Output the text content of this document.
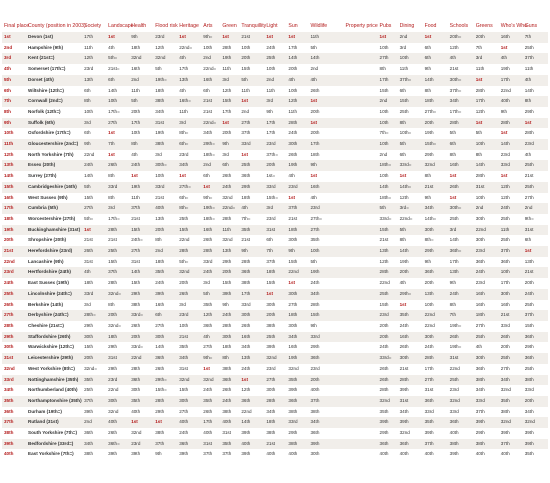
Final place	County (position in 2003)	Society	Landscape	Health	Flood risk	Heritage	Arts	Green	Tranquillity	Light	Sun	Wildlife	Property price	Pubs	Dining	Food	Schools	Greens	Who's Who	Guns
1st	Devon (1st)	17th	1st	9th	23rd	1st	9th=	1st	21st	1st	1st	11th		1st	2nd	1st	20th=	20th	16th	7th
2nd	Hampshire (9th)	11th	4th	18th	12th	22nd=	10th	28th	10th	24th	17th	5th		10th	3rd	6th	12th	7th	1st	25th
3rd	Kent (21st=)	12th	5th=	32nd	32nd	4th	2nd	19th	20th	25th	14th	14th		27th	10th	6th	4th	3rd	4th	37th
4th	Somerset (17th=)	23rd	21st=	16th	5th	17th	22nd=	11th	15th	10th	20th	2nd		8th	11th	9th	21st	11th	19th	11th
5th	Dorset (4th)	13th	6th	2nd	19th=	13th	16th	3rd	5th	2nd	4th	4th		17th	37th=	14th	30th=	1st	17th	4th
6th	Wiltshire (12th=)	6th	14th	11th	18th	4th	6th	12th	11th	11th	10th	26th		15th	6th	8th	37th=	28th	22nd	14th
7th	Cornwall (2nd=)	8th	10th	5th	38th	16th=	21st	15th	1st	3rd	12th	1st		2nd	15th	18th	34th	17th	40th	8th
8th	Norfolk (12th=)	10th	17th=	20th	34th	11th	21st	17th	2nd	9th	11th	20th		10th	25th	27th=	17th=	12th	9th	29th
9th	Suffolk (6th)	3rd	27th	17th	31st	3rd	22nd=	1st	27th	17th	28th	1st		10th	8th	20th	28th	1st	28th	1st
10th	Oxfordshire (17th=)	6th	1st	10th	19th	8th=	34th	20th	37th	17th	24th	20th		7th=	10th=	19th	5th	5th	1st	28th
11th	Gloucestershire (2nd=)	9th	7th	8th	38th	6th=	29th=	9th	33rd	23rd	30th	17th		10th	5th	15th=	6th	10th	14th	23rd
12th	North Yorkshire (7th)	22nd	1st	4th	3rd	23rd	18th=	3rd	1st	37th=	26th	18th		2nd	6th	29th	8th	8th	23rd	4th
13th	Essex (20th)	24th	26th	24th	30th=	34th	2nd	6th	25th	20th	19th	9th		18th=	33rd=	32nd	16th	14th	33rd	25th
14th	Surrey (27th)	14th	8th	1st	10th	1st	6th	26th	36th	1st=	4th	1st		10th	1st	8th	1st	28th	1st	21st
15th	Cambridgeshire (16th)	5th	33rd	19th	33rd	27th=	1st	24th	29th	33rd	23rd	16th		14th	14th=	21st	26th	31st	12th	25th
16th	West Sussex (9th)	15th	8th	11th	21st	6th=	9th=	32nd	18th	15th=	1st	4th		18th=	12th	9th	1st	10th	12th	27th
17th	Cumbria (5th)	27th	3rd	37th	40th	8th=	19th=	22nd=	4th	3rd	37th	23rd		5th	3rd=	34th	30th=	2nd	24th	2nd
18th	Worcestershire (27th)	5th=	17th=	21st	13th	25th	18th=	28th	7th=	23rd	21st	27th=		33rd=	22nd=	14th=	25th	30th	25th	9th=
19th	Buckinghamshire (31st)	1st	28th	15th	20th	15th	16th	11th	35th	31st	18th	27th		15th	5th	30th	3rd	22nd	11th	31st
20th	Shropshire (20th)	21st	21st	24th=	8th	22nd	26th	32nd	21st	6th	30th	35th		21st	8th	8th=	14th	30th	25th	6th
21st	Herefordshire (23rd)	26th	25th	27th	2nd	28th	28th	13th	9th	7th	9th	10th		13th	14th	29th	36th=	23rd	37th	1st
22nd	Lancashire (9th)	31st	15th	31st	18th	5th=	33rd	29th	28th	37th	15th	5th		12th	19th	9th	17th	36th	36th	13th
23rd	Hertfordshire (24th)	4th	37th	14th	35th	32nd	24th	20th	36th	18th	22nd	19th		28th	20th	36th	13th	24th	10th	21st
24th	East Sussex (19th)	18th	28th	15th	24th	20th	3rd	15th	38th	15th	1st	24th		22nd	4th	20th	9th	23rd	17th	20th
25th	Lincolnshire (24th=)	33rd	32nd=	29th	39th	26th	5th	39th	17th	1st	30th	34th		25th	29th=	13th	24th	16th	30th	24th
26th	Berkshire (14th)	3rd	8th	38th	16th	3rd	35th	9th	33rd	30th	27th	28th		15th	1st	10th	8th	16th	16th	25th
27th	Derbyshire (24th=)	28th=	20th	33rd=	6th	23rd	12th	24th	30th	20th	18th	15th		23rd	35th	22nd	7th	18th	21st	37th
28th	Cheshire (21st=)	29th	32nd=	26th	27th	10th	36th	28th	26th	38th	30th	9th		20th	24th	22nd	19th=	27th	33rd	15th
29th	Staffordshire (26th)	30th	18th	20th	30th	21st	4th	30th	16th	25th	34th	33rd		20th	16th	30th	26th	25th	26th	36th
30th	Warwickshire (12th=)	15th	29th	33rd=	14th	35th	27th	18th	34th	39th	16th	29th		24th	26th	24th	19th=	4th	20th	29th
31st	Leicestershire (29th)	20th	31st	22nd	36th	34th	9th=	8th	13th	32nd	19th	36th		33rd=	30th	28th	31st	30th	25th	36th
32nd	West Yorkshire (8th=)	32nd=	29th	28th	26th	31st	1st	38th	24th	23rd	32nd	23rd		26th	21st	17th	22nd	36th	27th	25th
33rd	Nottinghamshire (35th)	35th	23rd	36th	29th=	32nd	32nd	36th	1st	27th	35th	20th		26th	28th	27th	25th	38th	34th	38th
34th	Northumberland (40th)	25th	22nd	30th	15th=	15th	24th	26th	12th	30th	39th	40th		28th	39th	31st	23rd	34th	32nd	33rd
35th	Northamptonshire (35th)	37th	30th	35th	28th	30th	35th	24th	36th	28th	36th	37th		32nd	31st	36th	32nd	33rd	35th	20th
36th	Durham (19th=)	39th	32nd	40th	29th	27th	26th	38th	22nd	34th	38th	38th		35th	34th	33rd	33rd	37th	38th	34th
37th	Rutland (31st)	2nd	40th	1st	1st	40th	17th	40th	14th	18th	33rd	34th		39th	39th	35th	36th	39th	32nd	32nd
38th	South Yorkshire (7th=)	36th	26th	32nd	38th	24th	40th	31st	39th	38th	29th	36th		29th	32nd	39th	40th	29th	39th	39th
39th	Bedfordshire (33rd=)	34th	36th=	23rd	37th	36th	31st	35th	40th	21st	38th	39th		36th	36th	37th	38th	38th	37th	39th
40th	East Yorkshire (7th=)	38th	39th	39th	9th	39th	37th	37th	39th	40th	40th	30th		40th	40th	40th	39th	40th	40th	35th
